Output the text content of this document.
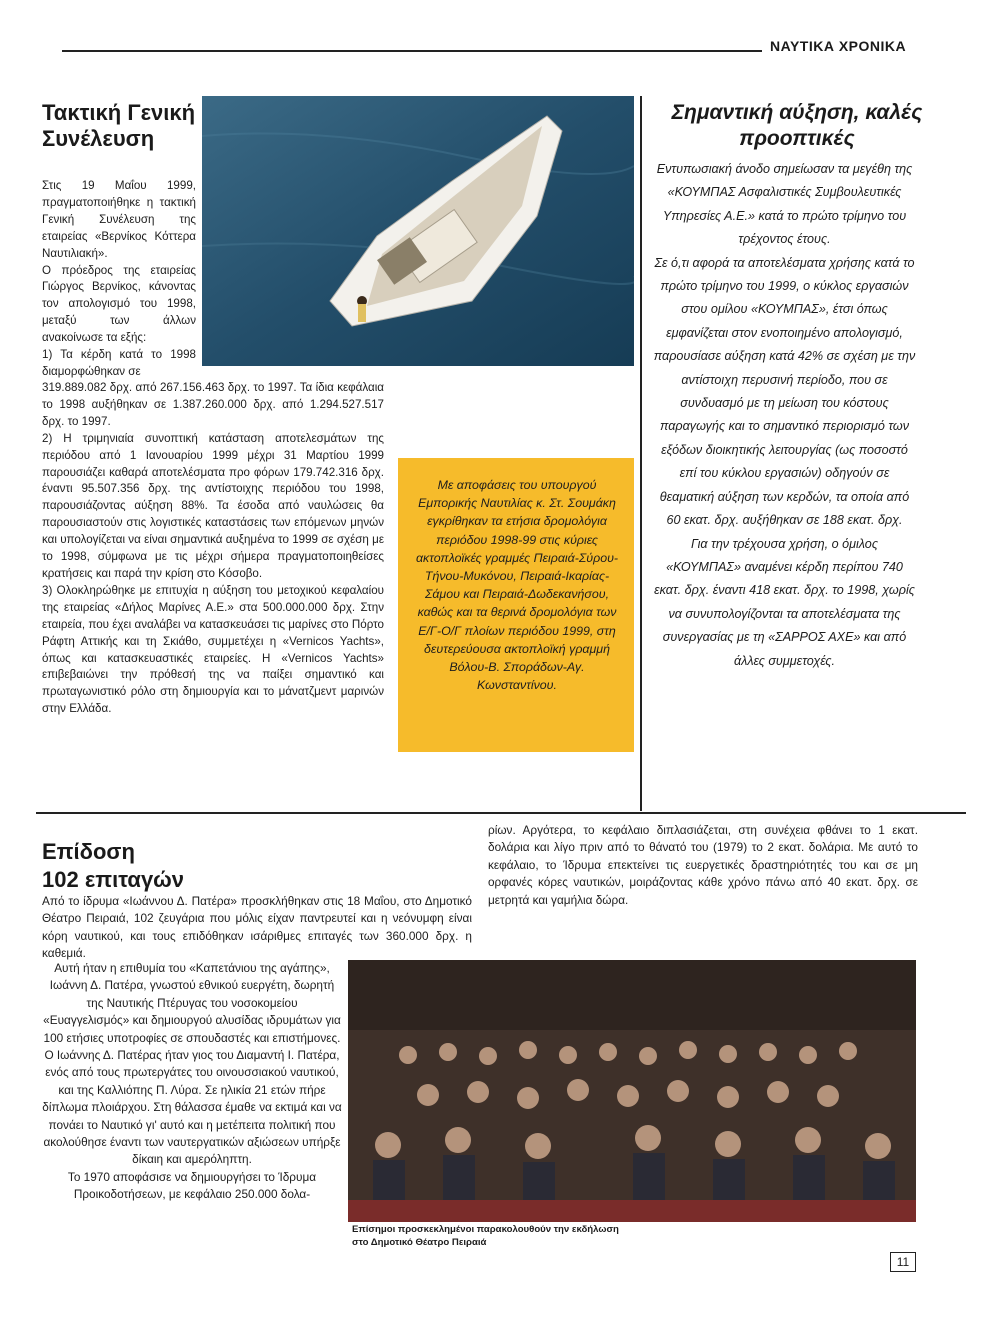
ΝΑΥΤΙΚΑ ΧΡΟΝΙΚΑ
Τακτική Γενική Συνέλευση

Στις 19 Μαΐου 1999, πραγματοποιήθηκε η τακτική Γενική Συνέλευση της εταιρείας «Βερνίκος Κόττερα Ναυτιλιακή».

Ο πρόεδρος της εταιρείας Γιώργος Βερνίκος, κάνοντας τον απολογισμό του 1998, μεταξύ των άλλων ανακοίνωσε τα εξής:

1) Τα κέρδη κατά το 1998 διαμορφώθηκαν σε

319.889.082 δρχ. από 267.156.463 δρχ. το 1997. Τα ίδια κεφάλαια το 1998 αυξήθηκαν σε 1.387.260.000 δρχ. από 1.294.527.517 δρχ. το 1997.

2) Η τριμηνιαία συνοπτική κατάσταση αποτελεσμάτων της περιόδου από 1 Ιανουαρίου 1999 μέχρι 31 Μαρτίου 1999 παρουσιάζει καθαρά αποτελέσματα προ φόρων 179.742.316 δρχ. έναντι 95.507.356 δρχ. της αντίστοιχης περιόδου του 1998, παρουσιάζοντας αύξηση 88%. Τα έσοδα από ναυλώσεις θα παρουσιαστούν στις λογιστικές καταστάσεις των επόμενων μηνών και υπολογίζεται να είναι σημαντικά αυξημένα το 1999 σε σχέση με το 1998, σύμφωνα με τις μέχρι σήμερα πραγματοποιηθείσες κρατήσεις και παρά την κρίση στο Κόσοβο.

3) Ολοκληρώθηκε με επιτυχία η αύξηση του μετοχικού κεφαλαίου της εταιρείας «Δήλος Μαρίνες Α.Ε.» στα 500.000.000 δρχ. Στην εταιρεία, που έχει αναλάβει να κατασκευάσει τις μαρίνες στο Πόρτο Ράφτη Αττικής και τη Σκιάθο, συμμετέχει η «Vernicos Yachts», όπως και κατασκευαστικές εταιρείες. Η «Vernicos Yachts» επιβεβαιώνει την πρόθεσή της να παίξει σημαντικό και πρωταγωνιστικό ρόλο στη δημιουργία και το μάνατζμεντ μαρινών στην Ελλάδα.

Με αποφάσεις του υπουργού Εμπορικής Ναυτιλίας κ. Στ. Σουμάκη εγκρίθηκαν τα ετήσια δρομολόγια περιόδου 1998-99 στις κύριες ακτοπλοϊκές γραμμές Πειραιά-Σύρου-Τήνου-Μυκόνου, Πειραιά-Ικαρίας-Σάμου και Πειραιά-Δωδεκανήσου, καθώς και τα θερινά δρομολόγια των Ε/Γ-Ο/Γ πλοίων περιόδου 1999, στη δευτερεύουσα ακτοπλοϊκή γραμμή Βόλου-Β. Σποράδων-Αγ. Κωνσταντίνου.

Σημαντική αύξηση, καλές προοπτικές

Εντυπωσιακή άνοδο σημείωσαν τα μεγέθη της «ΚΟΥΜΠΑΣ Ασφαλιστικές Συμβουλευτικές Υπηρεσίες Α.Ε.» κατά το πρώτο τρίμηνο του τρέχοντος έτους.

Σε ό,τι αφορά τα αποτελέσματα χρήσης κατά το πρώτο τρίμηνο του 1999, ο κύκλος εργασιών στου ομίλου «ΚΟΥΜΠΑΣ», έτσι όπως εμφανίζεται στον ενοποιημένο απολογισμό, παρουσίασε αύξηση κατά 42% σε σχέση με την αντίστοιχη περυσινή περίοδο, που σε συνδυασμό με τη μείωση του κόστους παραγωγής και το σημαντικό περιορισμό των εξόδων διοικητικής λειτουργίας (ως ποσοστό επί του κύκλου εργασιών) οδηγούν σε θεαματική αύξηση των κερδών, τα οποία από 60 εκατ. δρχ. αυξήθηκαν σε 188 εκατ. δρχ.

Για την τρέχουσα χρήση, ο όμιλος «ΚΟΥΜΠΑΣ» αναμένει κέρδη περίπου 740 εκατ. δρχ. έναντι 418 εκατ. δρχ. το 1998, χωρίς να συνυπολογίζονται τα αποτελέσματα της συνεργασίας με τη «ΣΑΡΡΟΣ ΑΧΕ» και από άλλες συμμετοχές.

Επίδοση
102 επιταγών
Από το ίδρυμα «Ιωάννου Δ. Πατέρα» προσκλήθηκαν στις 18 Μαΐου, στο Δημοτικό Θέατρο Πειραιά, 102 ζευγάρια που μόλις είχαν παντρευτεί και η νεόνυμφη είναι κόρη ναυτικού, και τους επιδόθηκαν ισάριθμες επιταγές των 360.000 δρχ. η καθεμιά.
ρίων. Αργότερα, το κεφάλαιο διπλασιάζεται, στη συνέχεια φθάνει το 1 εκατ. δολάρια και λίγο πριν από το θάνατό του (1979) το 2 εκατ. δολάρια. Με αυτό το κεφάλαιο, το Ίδρυμα επεκτείνει τις ευεργετικές δραστηριότητές του και σε μη ορφανές κόρες ναυτικών, μοιράζοντας κάθε χρόνο πάνω από 40 εκατ. δρχ. σε μετρητά και γαμήλια δώρα.

Αυτή ήταν η επιθυμία του «Καπετάνιου της αγάπης», Ιωάννη Δ. Πατέρα, γνωστού εθνικού ευεργέτη, δωρητή της Ναυτικής Πτέρυγας του νοσοκομείου «Ευαγγελισμός» και δημιουργού αλυσίδας ιδρυμάτων για 100 ετήσιες υποτροφίες σε σπουδαστές και επιστήμονες.

Ο Ιωάννης Δ. Πατέρας ήταν γιος του Διαμαντή Ι. Πατέρα, ενός από τους πρωτεργάτες του οινουσσιακού ναυτικού, και της Καλλιόπης Π. Λύρα. Σε ηλικία 21 ετών πήρε δίπλωμα πλοιάρχου. Στη θάλασσα έμαθε να εκτιμά και να πονάει το Ναυτικό γι' αυτό και η μετέπειτα πολιτική που ακολούθησε έναντι των ναυτεργατικών αξιώσεων υπήρξε δίκαιη και αμερόληπτη.

Το 1970 αποφάσισε να δημιουργήσει το Ίδρυμα Προικοδοτήσεων, με κεφάλαιο 250.000 δολα-

Επίσημοι προσκεκλημένοι παρακολουθούν την εκδήλωση
στο Δημοτικό Θέατρο Πειραιά
11
